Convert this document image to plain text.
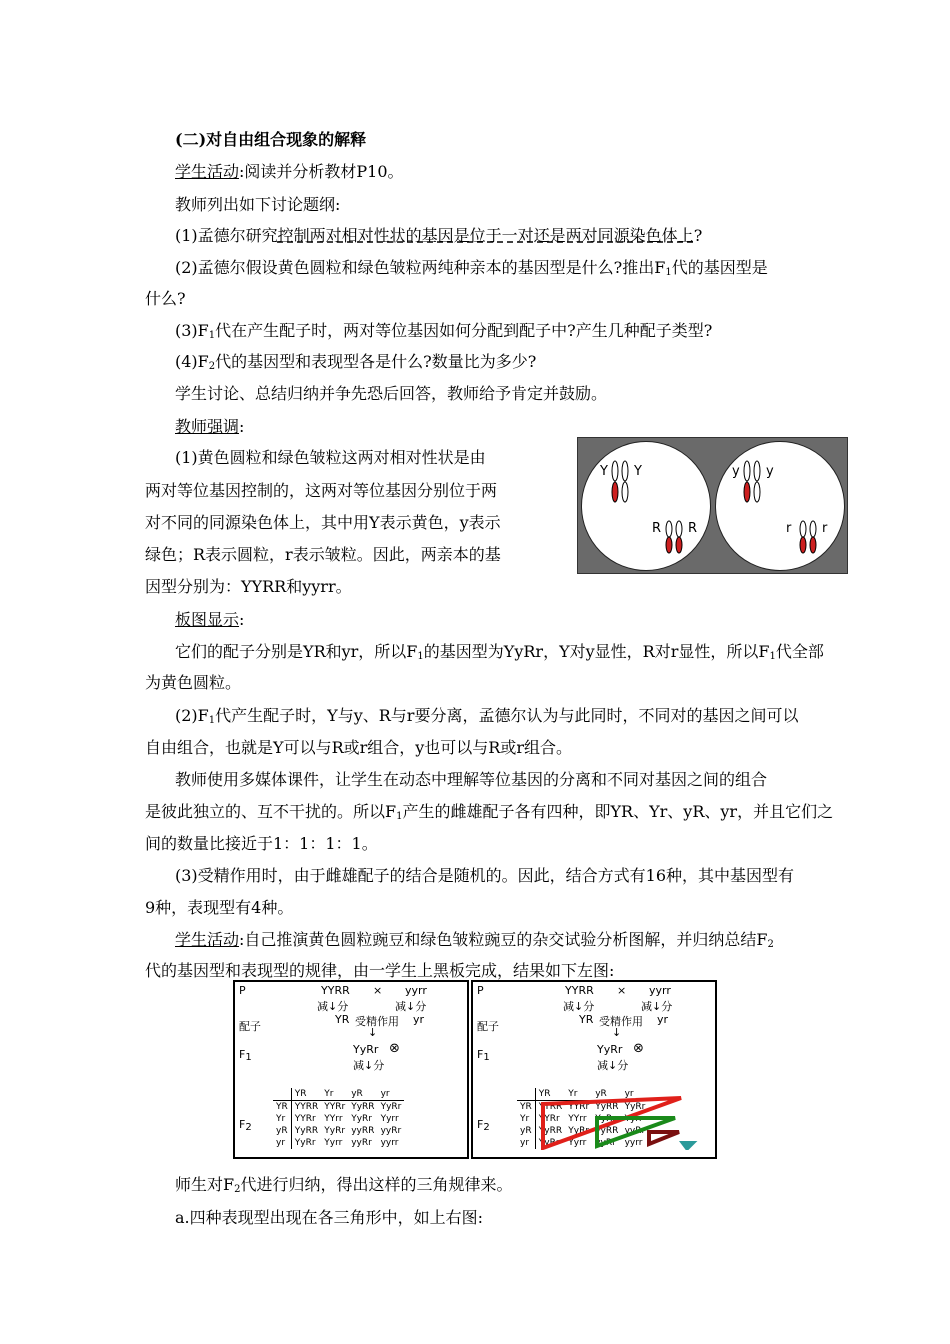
(二)对自由组合现象的解释
学生活动:阅读并分析教材P10。
教师列出如下讨论题纲:
(1)孟德尔研究控制两对相对性状的基因是位于一对还是两对同源染色体上?
(2)孟德尔假设黄色圆粒和绿色皱粒两纯种亲本的基因型是什么?推出$F_1$代的基因型是
什么?
$(3)F_1$代在产生配子时，两对等位基因如何分配到配子中?产生几种配子类型?
$(4)F_2$代的基因型和表现型各是什么?数量比为多少?
学生讨论、总结归纳并争先恐后回答，教师给予肯定并鼓励。
教师强调:
(1)黄色圆粒和绿色皱粒这两对相对性状是由
两对等位基因控制的，这两对等位基因分别位于两
对不同的同源染色体上，其中用Y表示黄色，y表示
绿色；R表示圆粒，r表示皱粒。因此，两亲本的基
因型分别为：YYRR和yyrr。
Y Y
R R
y y
r r
板图显示:
它们的配子分别是YR和yr，所以$F_1$的基因型为YyRr，Y对y显性，R对r显性，所以$F_1$代全部
为黄色圆粒。
$(2)F_1$代产生配子时，Y与y、R与r要分离，孟德尔认为与此同时，不同对的基因之间可以
自由组合，也就是Y可以与R或r组合，y也可以与R或r组合。
教师使用多媒体课件，让学生在动态中理解等位基因的分离和不同对基因之间的组合
是彼此独立的、互不干扰的。所以$F_1$产生的雌雄配子各有四种，即YR、Yr、yR、yr，并且它们之
间的数量比接近于1：1：1：1。
(3)受精作用时，由于雌雄配子的结合是随机的。因此，结合方式有16种，其中基因型有
9种，表现型有4种。
学生活动:自己推演黄色圆粒豌豆和绿色皱粒豌豆的杂交试验分析图解，并归纳总结$F_2$
代的基因型和表现型的规律，由一学生上黑板完成，结果如下左图:
P	YYRR × yyrr
减↓分	减↓分
配子
YR 受精作用 yr
↓
F1
YyRr ⊗
减↓分
F2
	YR	Yr	yR	yr
YR	YYRR	YYRr	YyRR	YyRr
Yr	YYRr	YYrr	YyRr	Yyrr
yR	YyRR	YyRr	yyRR	yyRr
yr	YyRr	Yyrr	yyRr	yyrr
P	YYRR × yyrr
减↓分	减↓分
配子
YR 受精作用 yr
↓
F1
YyRr ⊗
减↓分
F2
	YR	Yr	yR	yr
YR	YYRR	YYRr	YyRR	YyRr
Yr	YYRr	YYrr	YyRr	Yyrr
yR	YyRR	YyRr	yyRR	yyRr
yr	YyRr	Yyrr	yyRr	yyrr
师生对$F_2$代进行归纳，得出这样的三角规律来。
a.四种表现型出现在各三角形中，如上右图:
